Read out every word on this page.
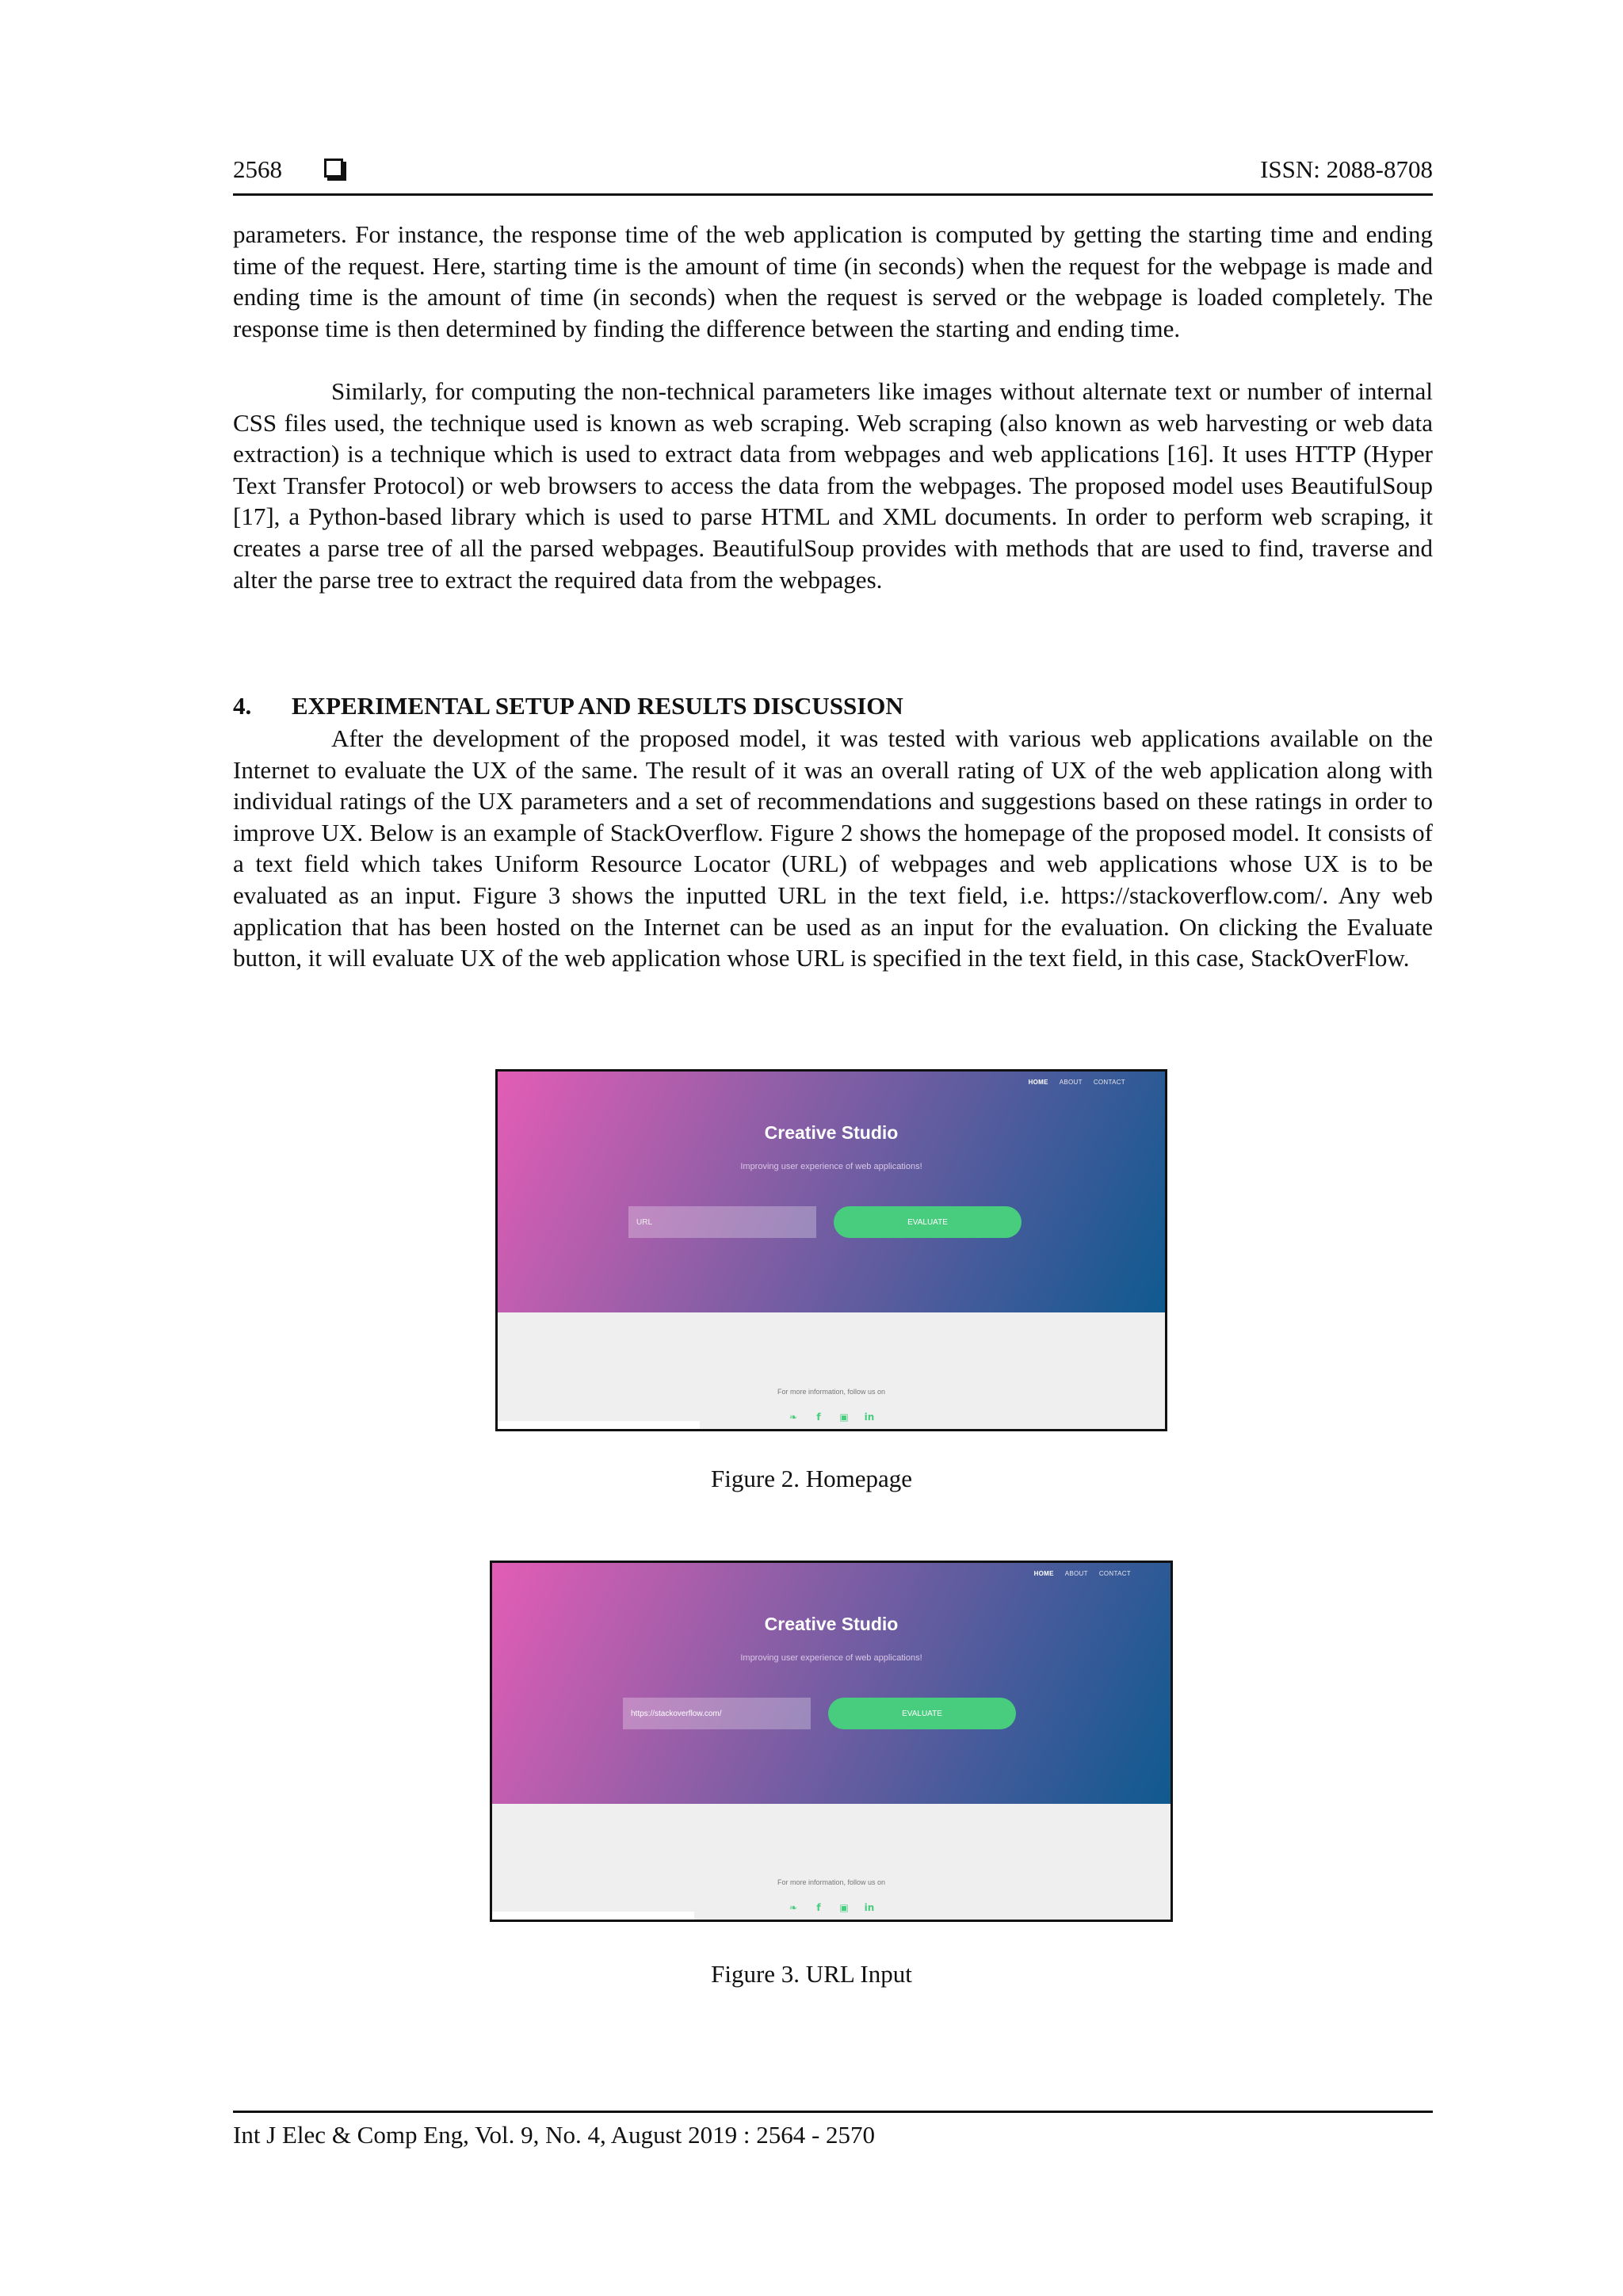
2568	ISSN: 2088-8708

parameters. For instance, the response time of the web application is computed by getting the starting time and ending time of the request. Here, starting time is the amount of time (in seconds) when the request for the webpage is made and ending time is the amount of time (in seconds) when the request is served or the webpage is loaded completely. The response time is then determined by finding the difference between the starting and ending time.

Similarly, for computing the non-technical parameters like images without alternate text or number of internal CSS files used, the technique used is known as web scraping. Web scraping (also known as web harvesting or web data extraction) is a technique which is used to extract data from webpages and web applications [16]. It uses HTTP (Hyper Text Transfer Protocol) or web browsers to access the data from the webpages. The proposed model uses BeautifulSoup [17], a Python-based library which is used to parse HTML and XML documents. In order to perform web scraping, it creates a parse tree of all the parsed webpages. BeautifulSoup provides with methods that are used to find, traverse and alter the parse tree to extract the required data from the webpages.

4. EXPERIMENTAL SETUP AND RESULTS DISCUSSION

After the development of the proposed model, it was tested with various web applications available on the Internet to evaluate the UX of the same. The result of it was an overall rating of UX of the web application along with individual ratings of the UX parameters and a set of recommendations and suggestions based on these ratings in order to improve UX. Below is an example of StackOverflow. Figure 2 shows the homepage of the proposed model. It consists of a text field which takes Uniform Resource Locator (URL) of webpages and web applications whose UX is to be evaluated as an input. Figure 3 shows the inputted URL in the text field, i.e. https://stackoverflow.com/. Any web application that has been hosted on the Internet can be used as an input for the evaluation. On clicking the Evaluate button, it will evaluate UX of the web application whose URL is specified in the text field, in this case, StackOverFlow.

HOME ABOUT CONTACT
Creative Studio
Improving user experience of web applications!
URL
EVALUATE
For more information, follow us on
❧ f ▣ in

Figure 2. Homepage

HOME ABOUT CONTACT
Creative Studio
Improving user experience of web applications!
https://stackoverflow.com/
EVALUATE
For more information, follow us on
❧ f ▣ in

Figure 3. URL Input

Int J Elec & Comp Eng, Vol. 9, No. 4, August 2019 : 2564 - 2570
